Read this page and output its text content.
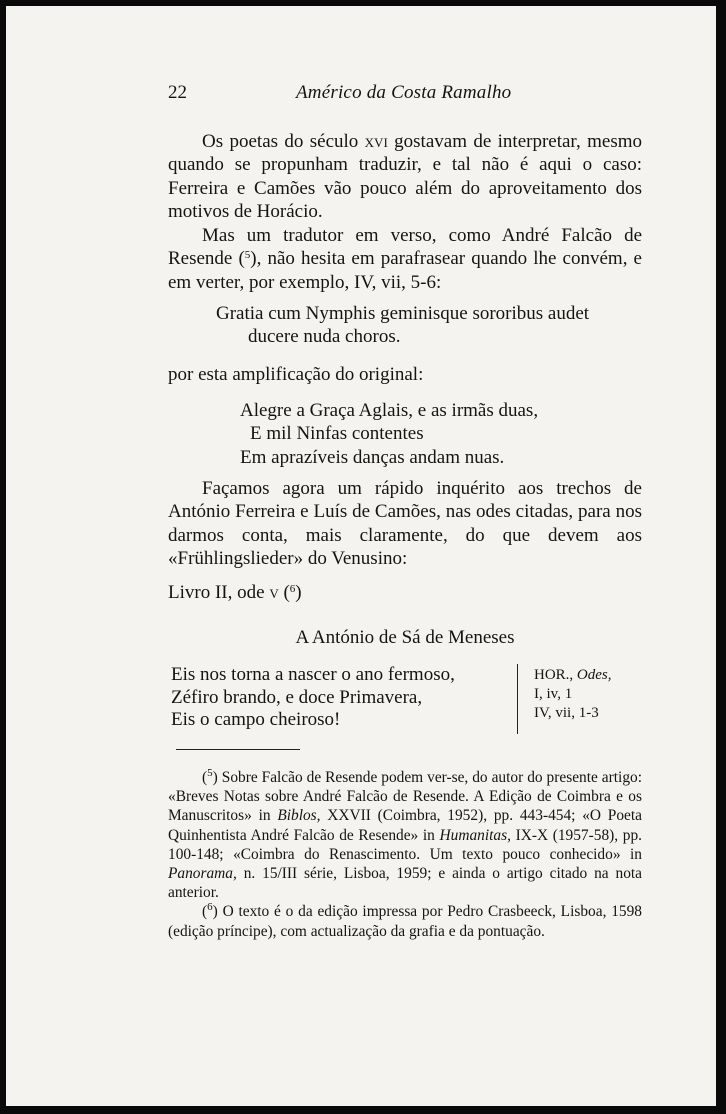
22	Américo da Costa Ramalho

Os poetas do século xvi gostavam de interpretar, mesmo quando se propunham traduzir, e tal não é aqui o caso: Ferreira e Camões vão pouco além do aproveitamento dos motivos de Horácio.

Mas um tradutor em verso, como André Falcão de Resende ($^5$), não hesita em parafrasear quando lhe convém, e em verter, por exemplo, IV, vii, 5-6:

Gratia cum Nymphis geminisque sororibus audet
ducere nuda choros.

por esta amplificação do original:

Alegre a Graça Aglais, e as irmãs duas,
E mil Ninfas contentes
Em aprazíveis danças andam nuas.

Façamos agora um rápido inquérito aos trechos de António Ferreira e Luís de Camões, nas odes citadas, para nos darmos conta, mais claramente, do que devem aos «Frühlingslieder» do Venusino:

Livro II, ode v ($^6$)
A António de Sá de Meneses
Eis nos torna a nascer o ano fermoso,
Zéfiro brando, e doce Primavera,
Eis o campo cheiroso!
HOR., Odes,
I, iv, 1
IV, vii, 1-3

($^5$) Sobre Falcão de Resende podem ver-se, do autor do presente artigo: «Breves Notas sobre André Falcão de Resende. A Edição de Coimbra e os Manuscritos» in Biblos, XXVII (Coimbra, 1952), pp. 443-454; «O Poeta Quinhentista André Falcão de Resende» in Humanitas, IX-X (1957-58), pp. 100-148; «Coimbra do Renascimento. Um texto pouco conhecido» in Panorama, n. 15/III série, Lisboa, 1959; e ainda o artigo citado na nota anterior.

($^6$) O texto é o da edição impressa por Pedro Crasbeeck, Lisboa, 1598 (edição príncipe), com actualização da grafia e da pontuação.
